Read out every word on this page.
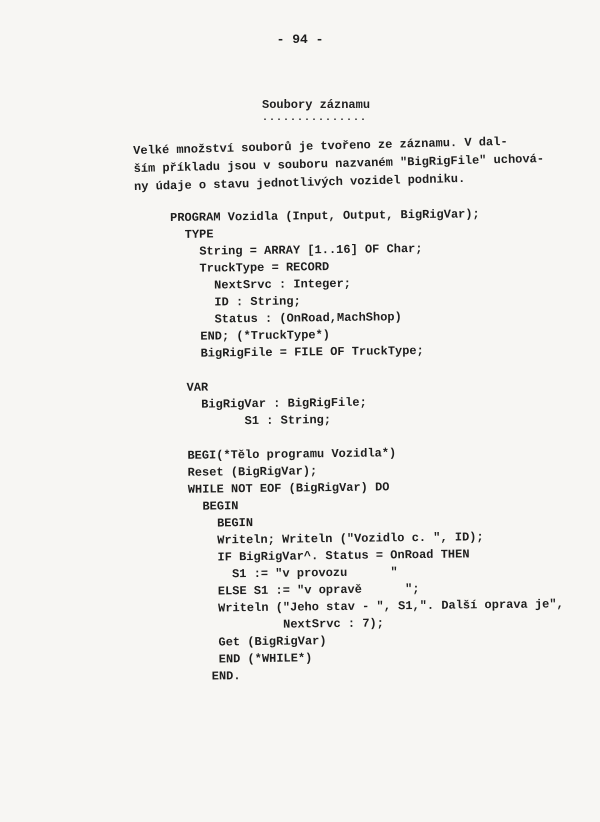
- 94 -
Soubory záznamu
...............
Velké množství souborů je tvořeno ze záznamu. V dal-
ším příkladu jsou v souboru nazvaném "BigRigFile" uchová-
ny údaje o stavu jednotlivých vozidel podniku.
PROGRAM Vozidla (Input, Output, BigRigVar);
TYPE
String = ARRAY [1..16] OF Char;
TruckType = RECORD
NextSrvc : Integer;
ID : String;
Status : (OnRoad,MachShop)
END; (*TruckType*)
BigRigFile = FILE OF TruckType;
VAR
BigRigVar : BigRigFile;
S1 : String;
BEGI(*Tělo programu Vozidla*)
Reset (BigRigVar);
WHILE NOT EOF (BigRigVar) DO
BEGIN
BEGIN
Writeln; Writeln ("Vozidlo c. ", ID);
IF BigRigVar^. Status = OnRoad THEN
S1 := "v provozu      "
ELSE S1 := "v opravě      ";
Writeln ("Jeho stav - ", S1,". Další oprava je",
NextSrvc : 7);
Get (BigRigVar)
END (*WHILE*)
END.
